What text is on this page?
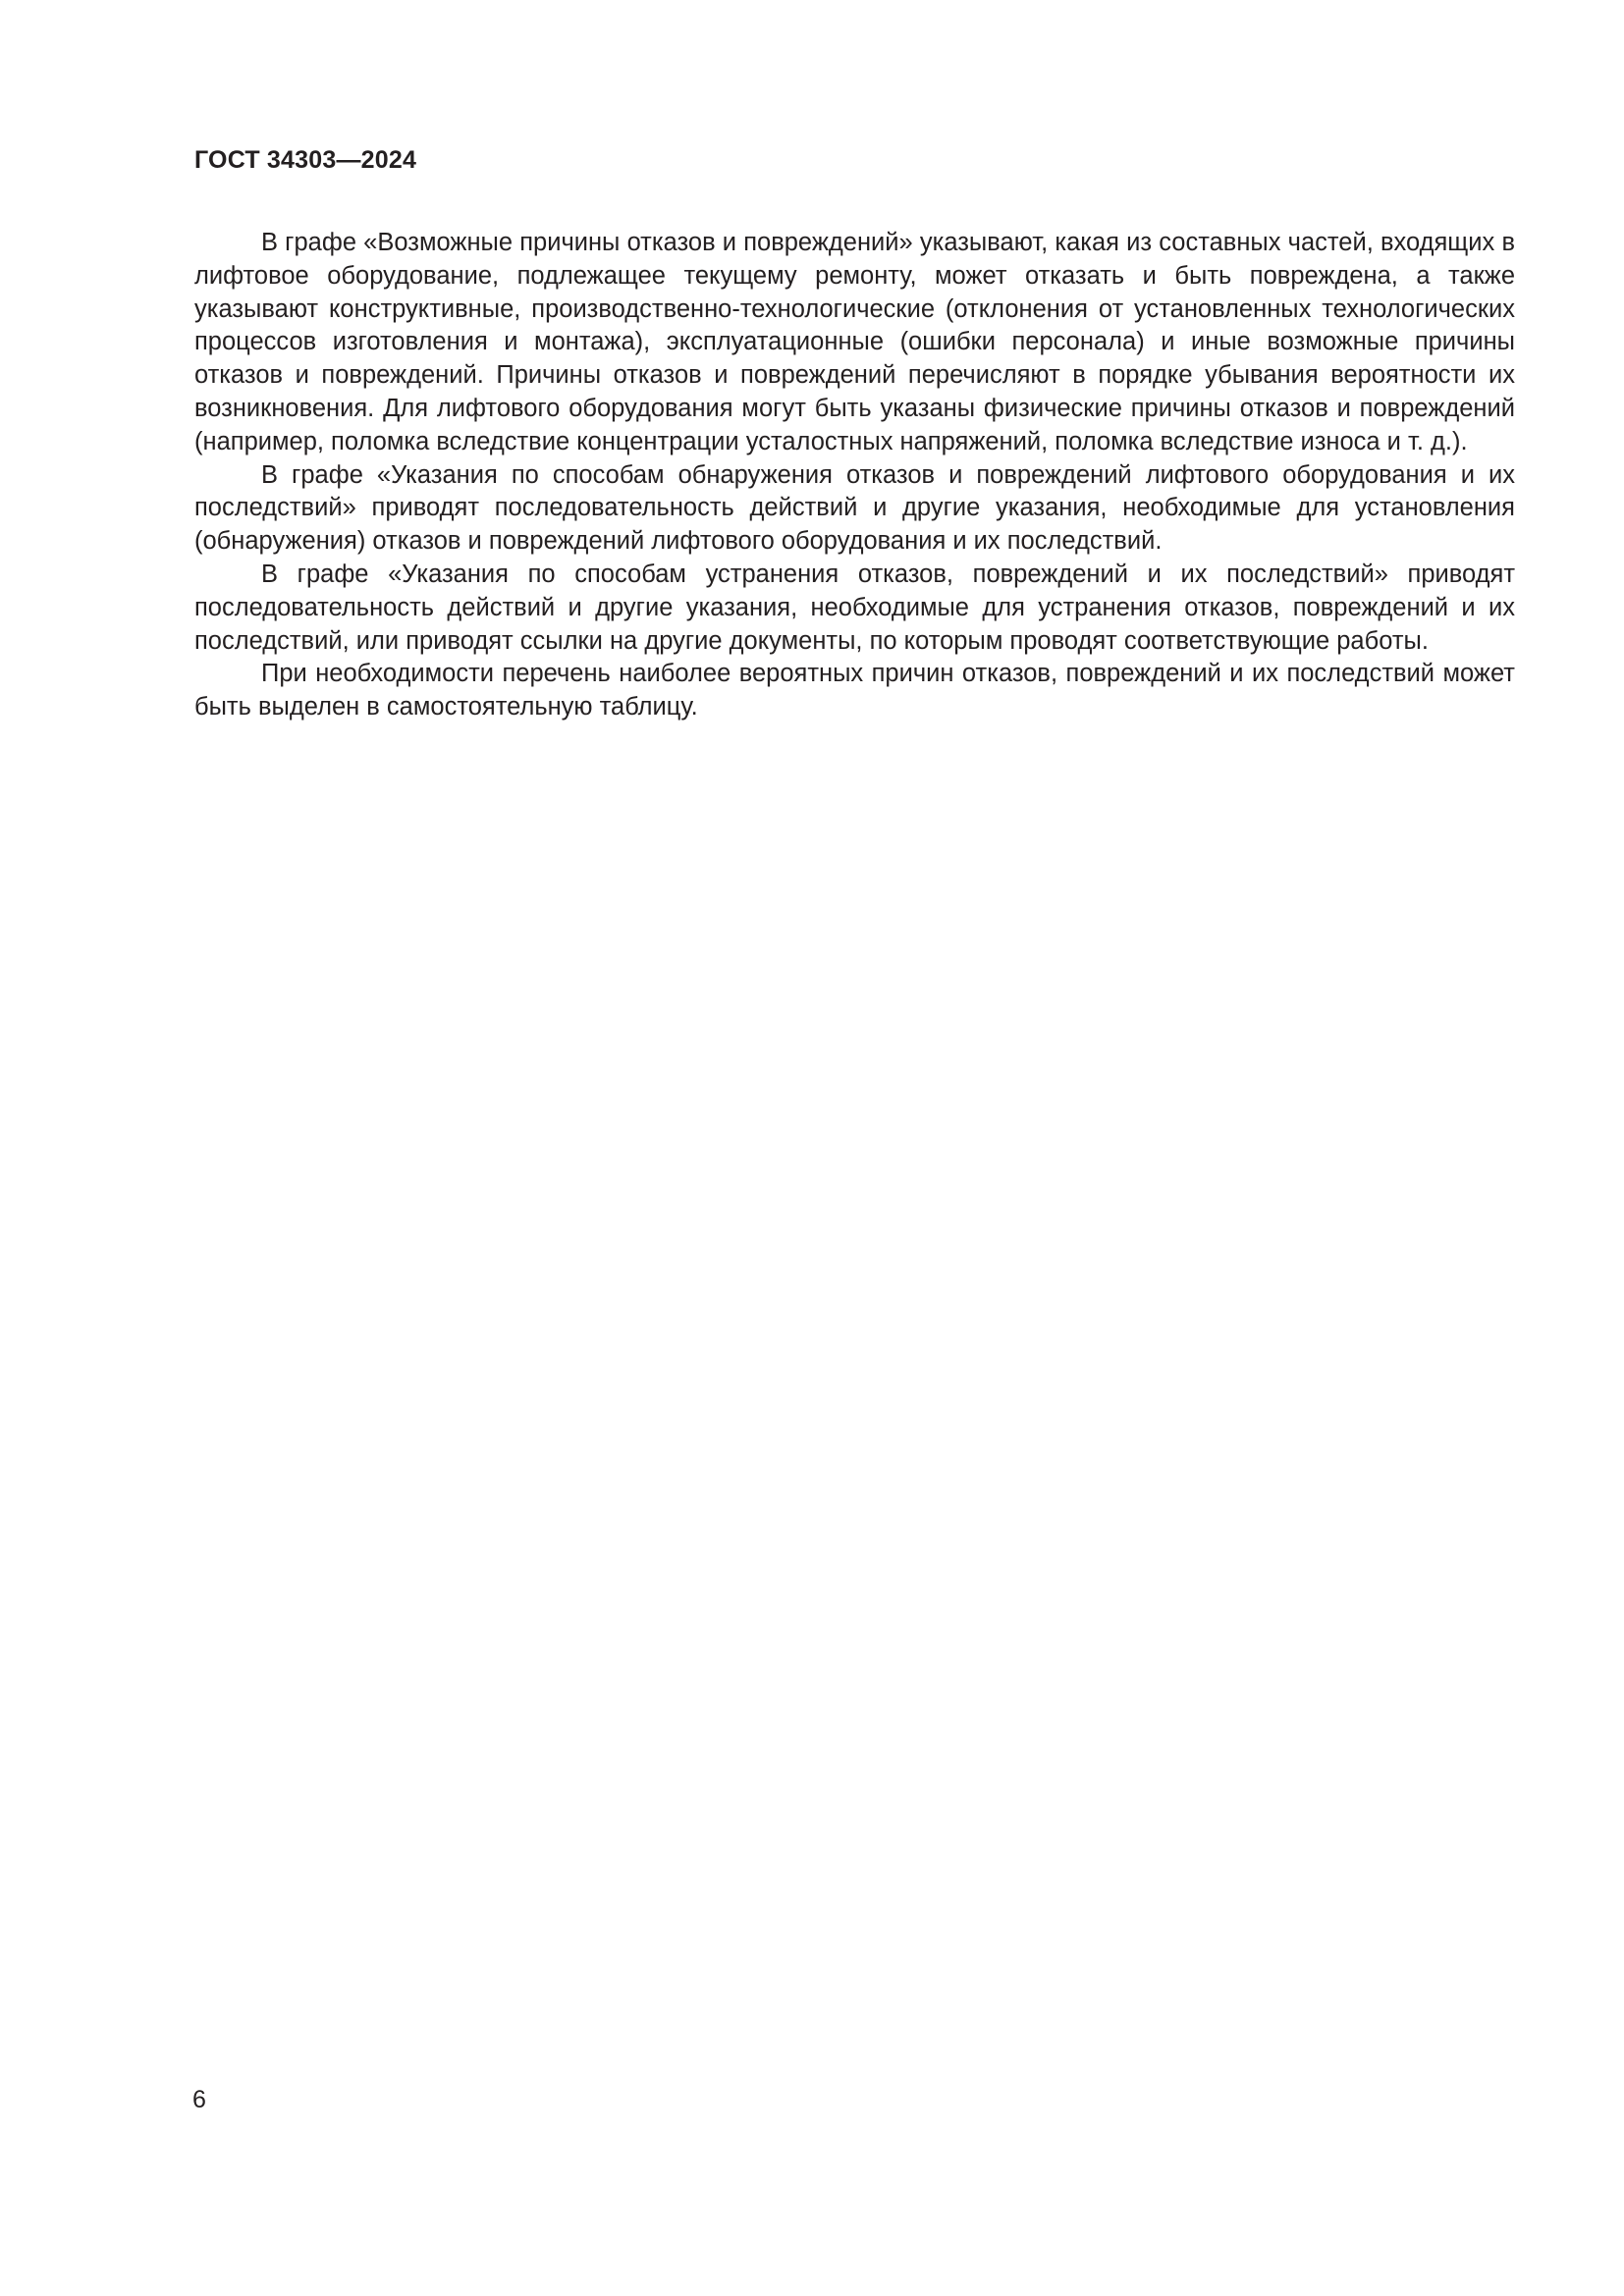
ГОСТ 34303—2024

В графе «Возможные причины отказов и повреждений» указывают, какая из составных частей, входящих в лифтовое оборудование, подлежащее текущему ремонту, может отказать и быть повреждена, а также указывают конструктивные, производственно-технологические (отклонения от установленных технологических процессов изготовления и монтажа), эксплуатационные (ошибки персонала) и иные возможные причины отказов и повреждений. Причины отказов и повреждений перечисляют в порядке убывания вероятности их возникновения. Для лифтового оборудования могут быть указаны физические причины отказов и повреждений (например, поломка вследствие концентрации усталостных напряжений, поломка вследствие износа и т. д.).

В графе «Указания по способам обнаружения отказов и повреждений лифтового оборудования и их последствий» приводят последовательность действий и другие указания, необходимые для установления (обнаружения) отказов и повреждений лифтового оборудования и их последствий.

В графе «Указания по способам устранения отказов, повреждений и их последствий» приводят последовательность действий и другие указания, необходимые для устранения отказов, повреждений и их последствий, или приводят ссылки на другие документы, по которым проводят соответствующие работы.

При необходимости перечень наиболее вероятных причин отказов, повреждений и их последствий может быть выделен в самостоятельную таблицу.

6
